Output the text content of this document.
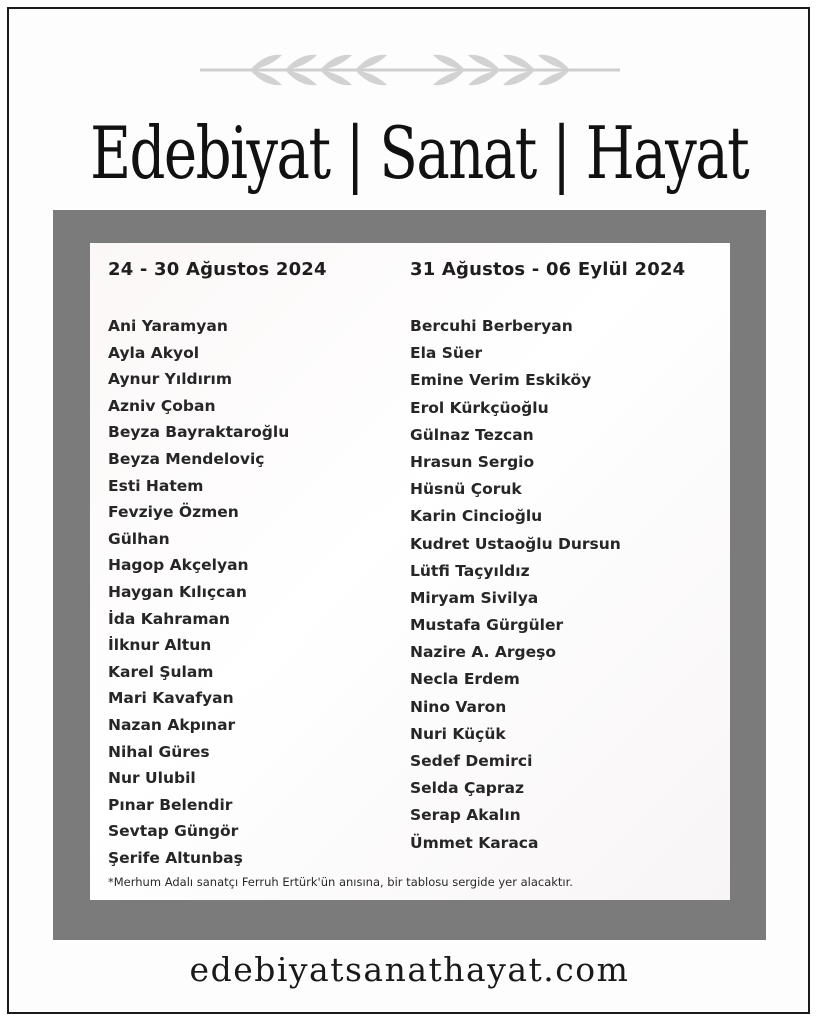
Edebiyat | Sanat | Hayat
24 - 30 Ağustos 2024
Ani Yaramyan
Ayla Akyol
Aynur Yıldırım
Azniv Çoban
Beyza Bayraktaroğlu
Beyza Mendeloviç
Esti Hatem
Fevziye Özmen
Gülhan
Hagop Akçelyan
Haygan Kılıçcan
İda Kahraman
İlknur Altun
Karel Şulam
Mari Kavafyan
Nazan Akpınar
Nihal Güres
Nur Ulubil
Pınar Belendir
Sevtap Güngör
Şerife Altunbaş
31 Ağustos - 06 Eylül 2024
Bercuhi Berberyan
Ela Süer
Emine Verim Eskiköy
Erol Kürkçüoğlu
Gülnaz Tezcan
Hrasun Sergio
Hüsnü Çoruk
Karin Cincioğlu
Kudret Ustaoğlu Dursun
Lütfi Taçyıldız
Miryam Sivilya
Mustafa Gürgüler
Nazire A. Argeşo
Necla Erdem
Nino Varon
Nuri Küçük
Sedef Demirci
Selda Çapraz
Serap Akalın
Ümmet Karaca
*Merhum Adalı sanatçı Ferruh Ertürk'ün anısına, bir tablosu sergide yer alacaktır.
edebiyatsanathayat.com
